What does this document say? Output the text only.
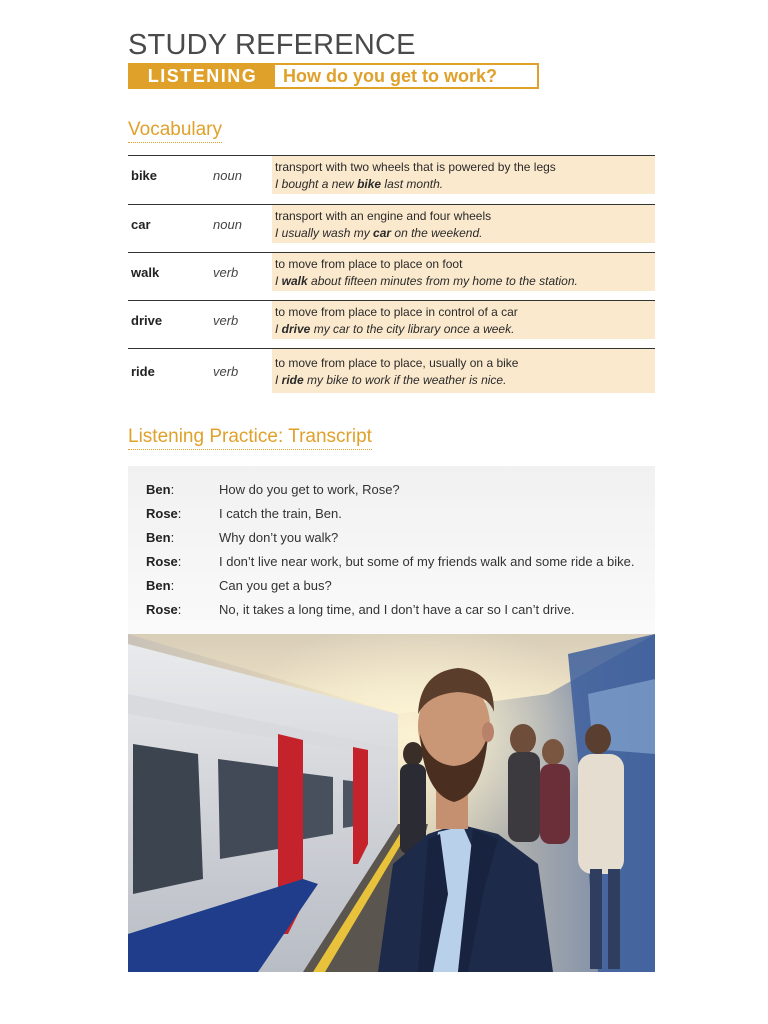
STUDY REFERENCE
LISTENING	How do you get to work?
Vocabulary
bike	noun
transport with two wheels that is powered by the legs
I bought a new bike last month.
car	noun
transport with an engine and four wheels
I usually wash my car on the weekend.
walk	verb
to move from place to place on foot
I walk about fifteen minutes from my home to the station.
drive	verb
to move from place to place in control of a car
I drive my car to the city library once a week.
ride	verb
to move from place to place, usually on a bike
I ride my bike to work if the weather is nice.
Listening Practice: Transcript
Ben:	How do you get to work, Rose?
Rose:	I catch the train, Ben.
Ben:	Why don’t you walk?
Rose:	I don’t live near work, but some of my friends walk and some ride a bike.
Ben:	Can you get a bus?
Rose:	No, it takes a long time, and I don’t have a car so I can’t drive.
